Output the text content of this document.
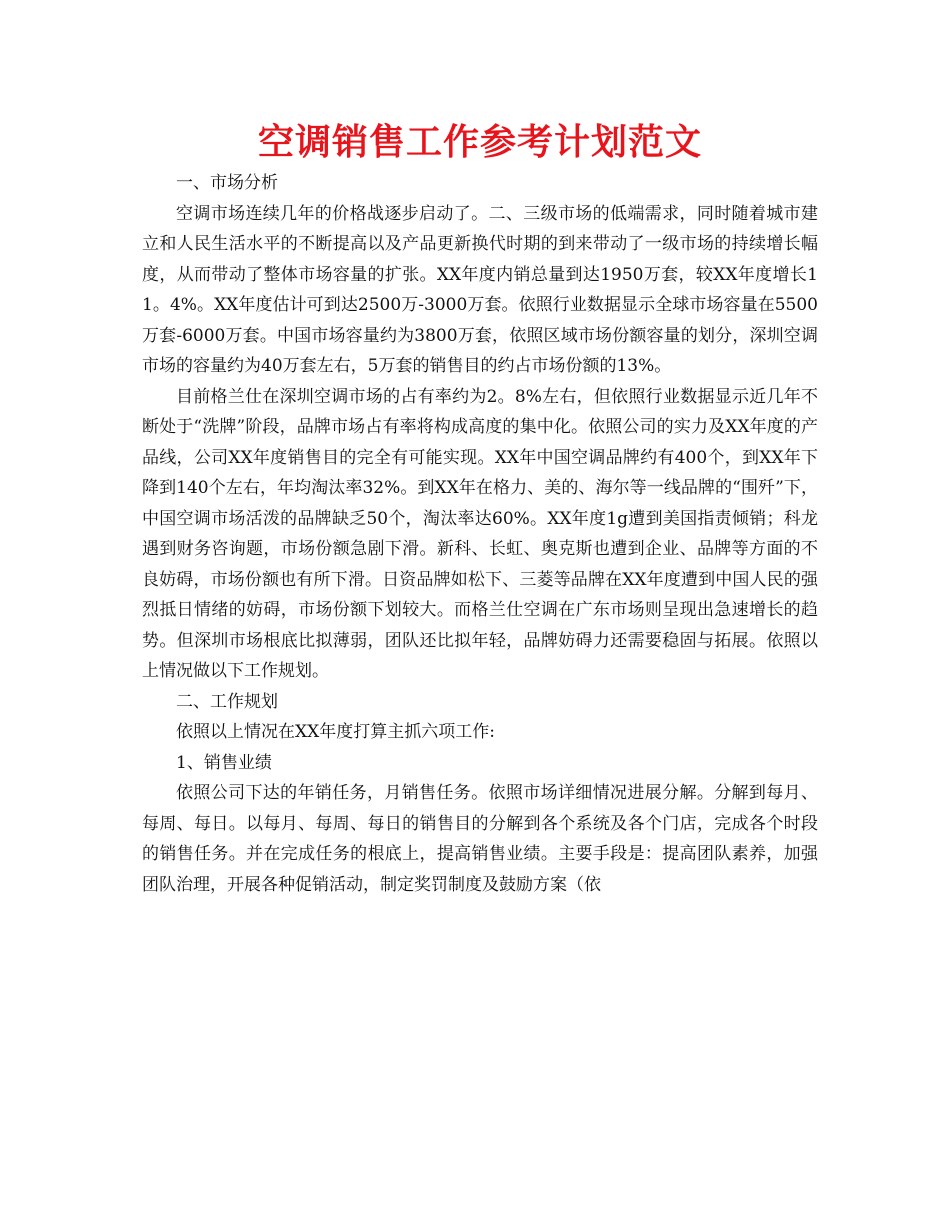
空调销售工作参考计划范文

一、市场分析

空调市场连续几年的价格战逐步启动了。二、三级市场的低端需求，同时随着城市建立和人民生活水平的不断提高以及产品更新换代时期的到来带动了一级市场的持续增长幅度，从而带动了整体市场容量的扩张。XX年度内销总量到达1950万套，较XX年度增长11。4%。XX年度估计可到达2500万-3000万套。依照行业数据显示全球市场容量在5500万套-6000万套。中国市场容量约为3800万套，依照区域市场份额容量的划分，深圳空调市场的容量约为40万套左右，5万套的销售目的约占市场份额的13%。

目前格兰仕在深圳空调市场的占有率约为2。8%左右，但依照行业数据显示近几年不断处于“洗牌”阶段，品牌市场占有率将构成高度的集中化。依照公司的实力及XX年度的产品线，公司XX年度销售目的完全有可能实现。XX年中国空调品牌约有400个，到XX年下降到140个左右，年均淘汰率32%。到XX年在格力、美的、海尔等一线品牌的“围歼”下，中国空调市场活泼的品牌缺乏50个，淘汰率达60%。XX年度1g遭到美国指责倾销；科龙遇到财务咨询题，市场份额急剧下滑。新科、长虹、奥克斯也遭到企业、品牌等方面的不良妨碍，市场份额也有所下滑。日资品牌如松下、三菱等品牌在XX年度遭到中国人民的强烈抵日情绪的妨碍，市场份额下划较大。而格兰仕空调在广东市场则呈现出急速增长的趋势。但深圳市场根底比拟薄弱，团队还比拟年轻，品牌妨碍力还需要稳固与拓展。依照以上情况做以下工作规划。

二、工作规划

依照以上情况在XX年度打算主抓六项工作:

1、销售业绩

依照公司下达的年销任务，月销售任务。依照市场详细情况进展分解。分解到每月、每周、每日。以每月、每周、每日的销售目的分解到各个系统及各个门店，完成各个时段的销售任务。并在完成任务的根底上，提高销售业绩。主要手段是：提高团队素养，加强团队治理，开展各种促销活动，制定奖罚制度及鼓励方案（依
